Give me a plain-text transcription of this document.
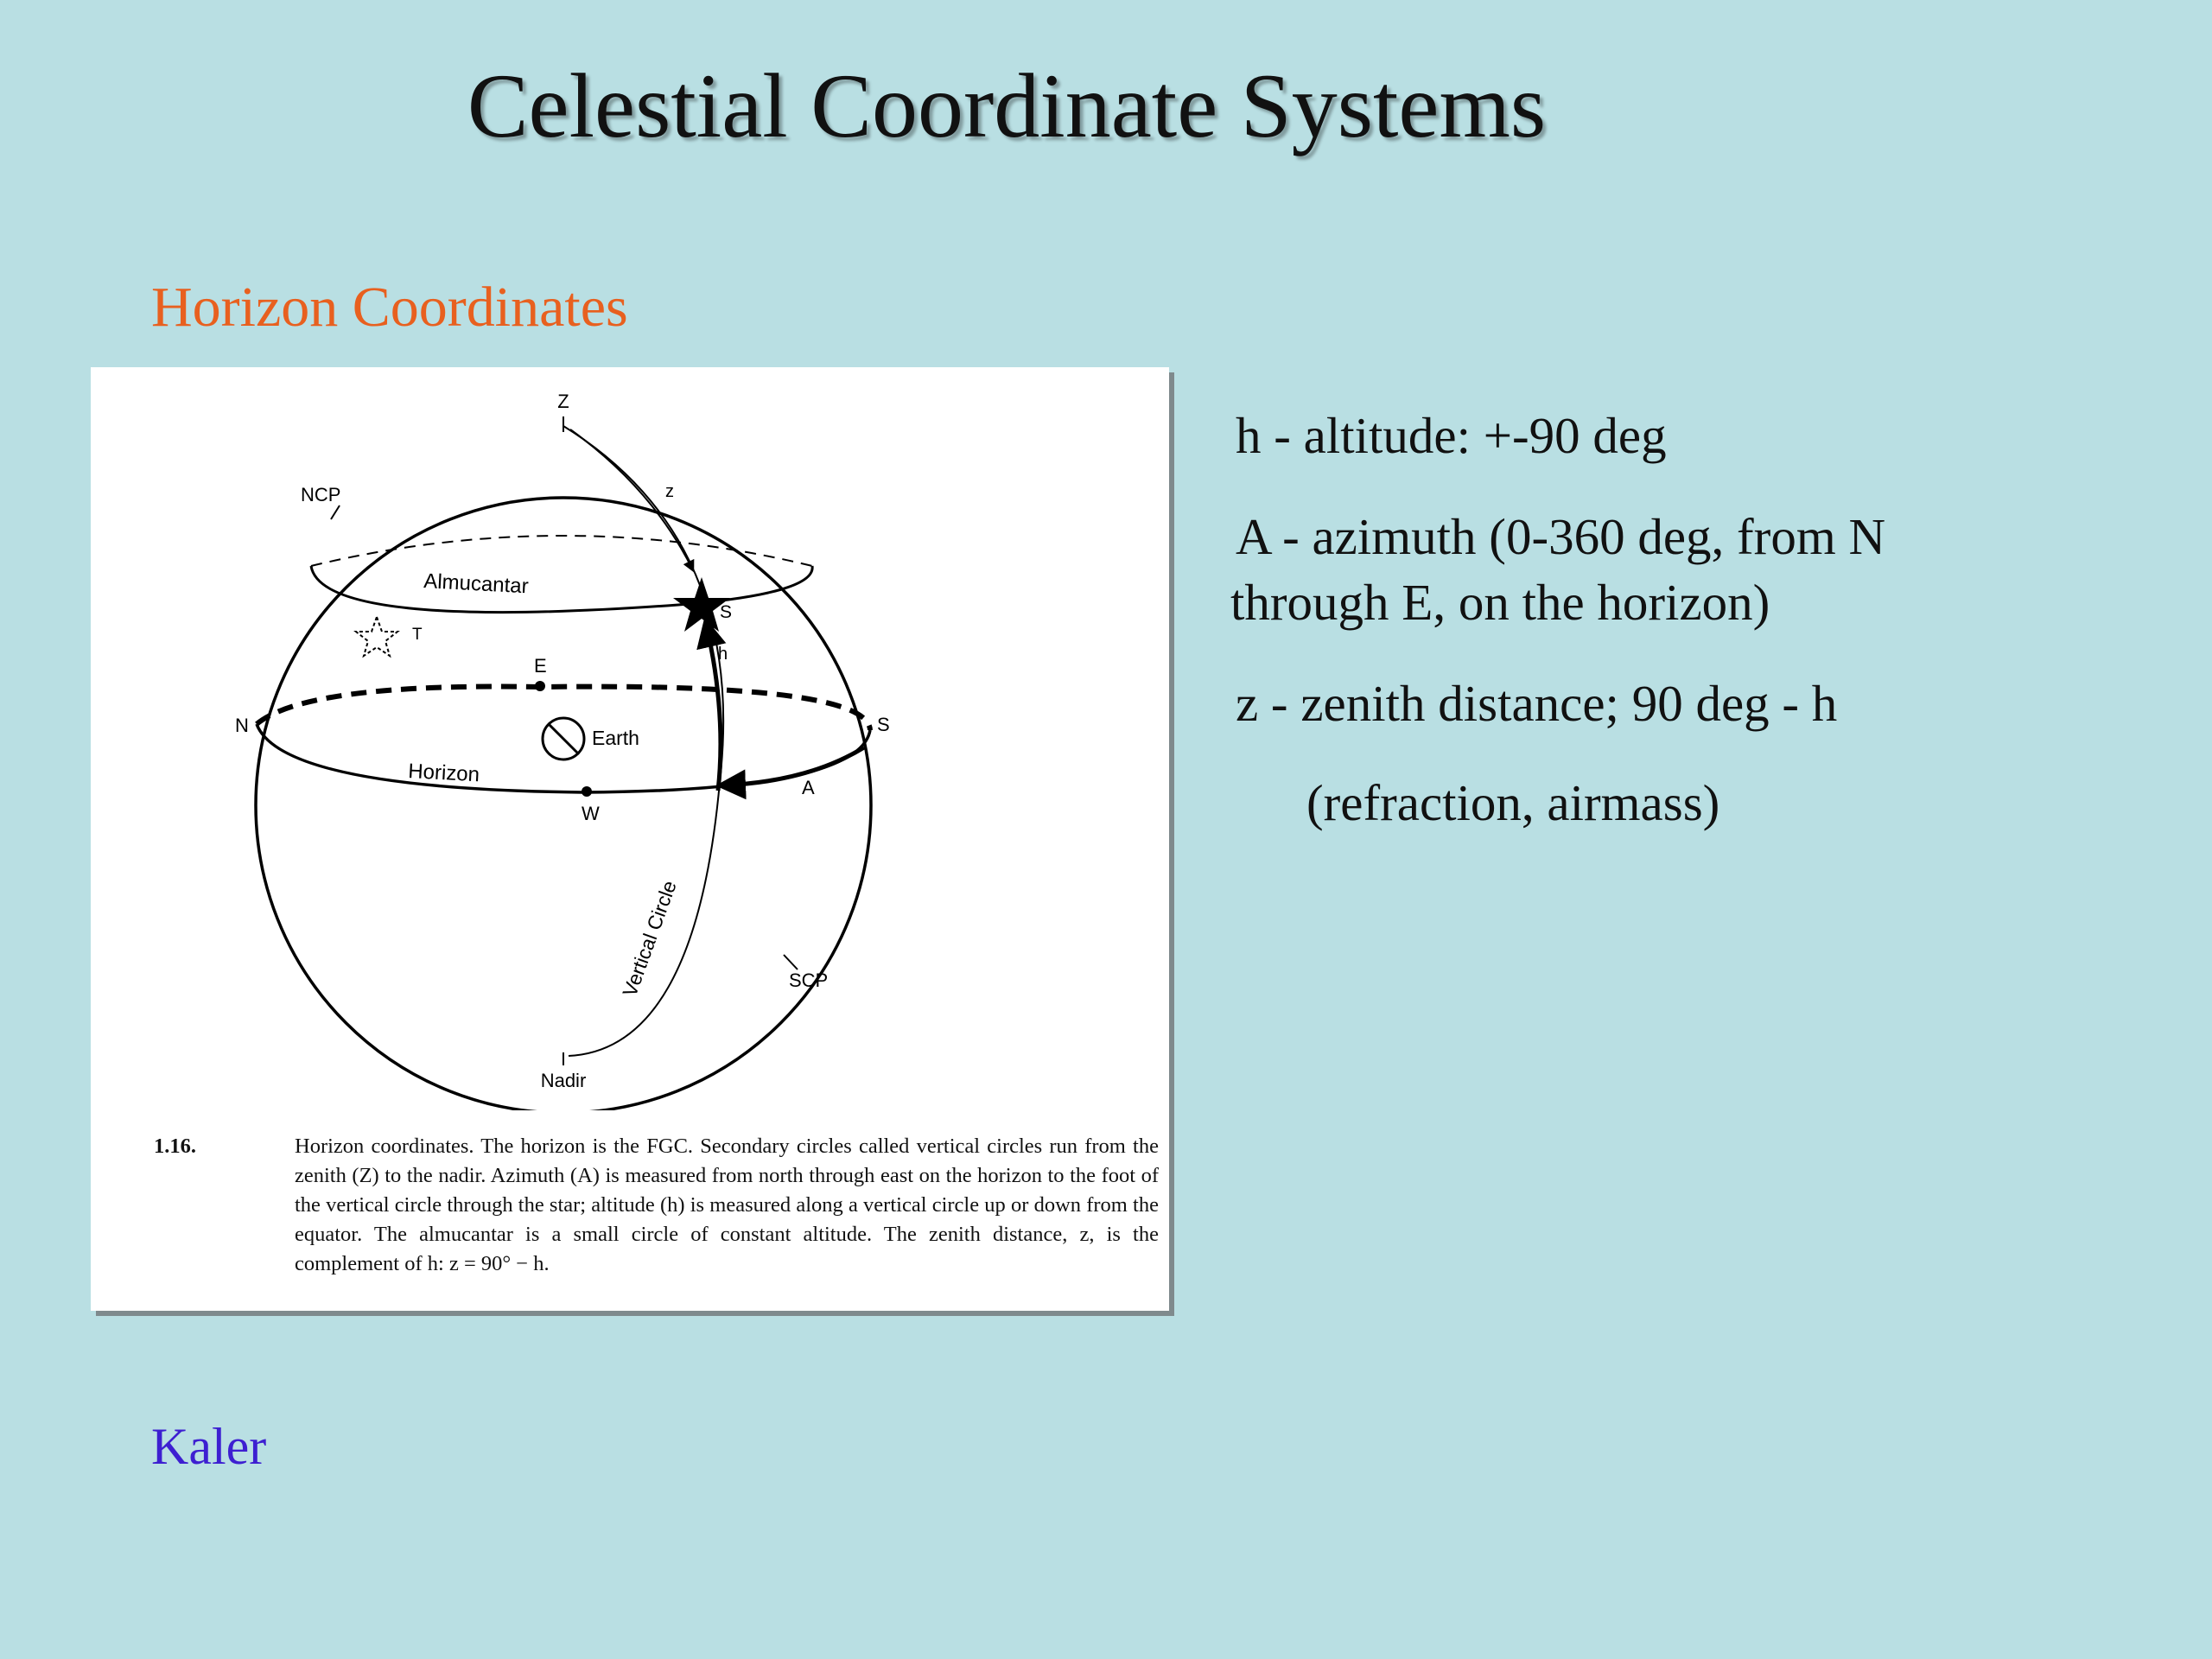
Celestial Coordinate Systems
Horizon Coordinates
Z
z
NCP
Almucantar
S
h
T
E
N	S
Earth
Horizon
A
W
Vertical Circle	SCP
Nadir
1.16.	Horizon coordinates. The horizon is the FGC. Secondary circles called vertical circles run from the zenith (Z) to the nadir. Azimuth (A) is measured from north through east on the horizon to the foot of the vertical circle through the star; altitude (h) is measured along a vertical circle up or down from the equator. The almucantar is a small circle of constant altitude. The zenith distance, z, is the complement of h: z = 90° − h.
h - altitude: +-90 deg
A - azimuth (0-360 deg, from N
through E, on the horizon)
z - zenith distance; 90 deg - h
(refraction, airmass)
Kaler
